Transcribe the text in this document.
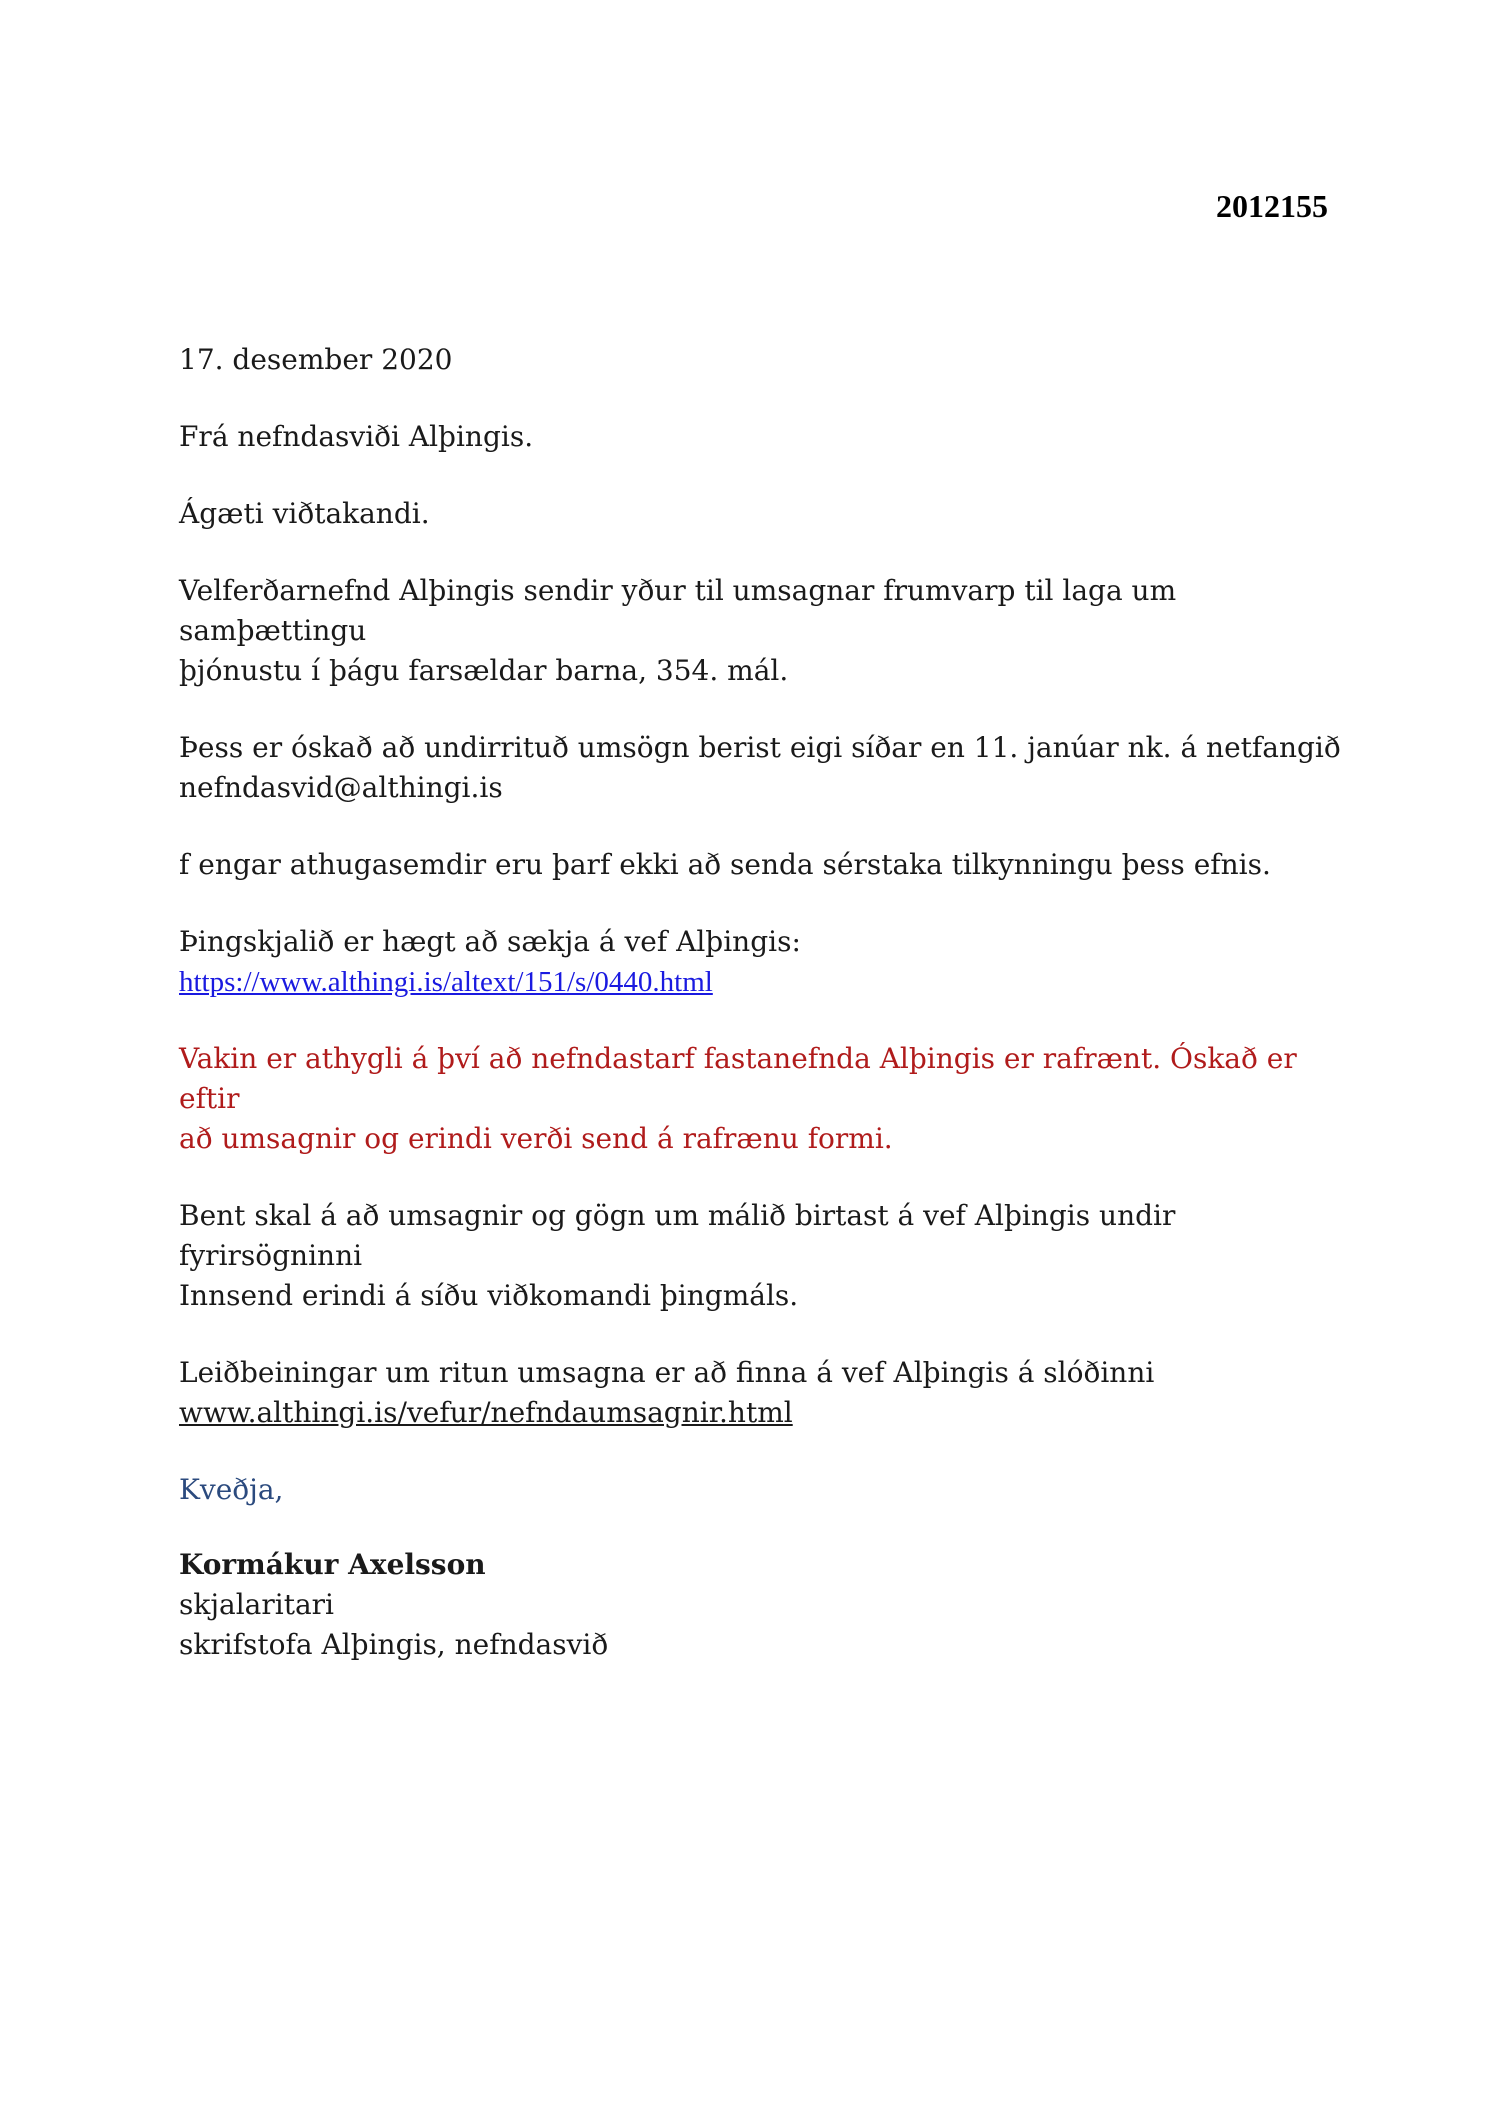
2012155

17. desember 2020

Frá nefndasviði Alþingis.

Ágæti viðtakandi.

Velferðarnefnd Alþingis sendir yður til umsagnar frumvarp til laga um samþættingu
þjónustu í þágu farsældar barna, 354. mál.

Þess er óskað að undirrituð umsögn berist eigi síðar en 11. janúar nk. á netfangið
nefndasvid@althingi.is

f engar athugasemdir eru þarf ekki að senda sérstaka tilkynningu þess efnis.

Þingskjalið er hægt að sækja á vef Alþingis:
https://www.althingi.is/altext/151/s/0440.html

Vakin er athygli á því að nefndastarf fastanefnda Alþingis er rafrænt. Óskað er eftir
að umsagnir og erindi verði send á rafrænu formi.

Bent skal á að umsagnir og gögn um málið birtast á vef Alþingis undir fyrirsögninni
Innsend erindi á síðu viðkomandi þingmáls.

Leiðbeiningar um ritun umsagna er að finna á vef Alþingis á slóðinni
www.althingi.is/vefur/nefndaumsagnir.html

Kveðja,

Kormákur Axelsson
skjalaritari
skrifstofa Alþingis, nefndasvið
